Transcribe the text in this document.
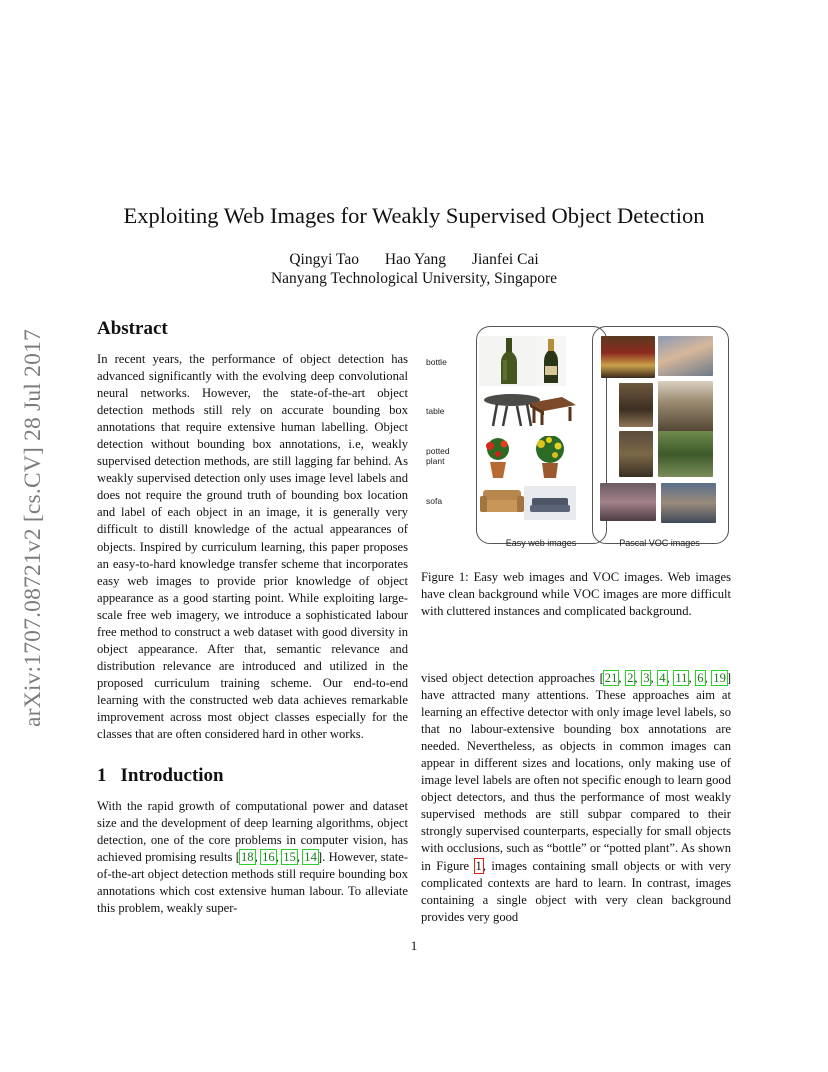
arXiv:1707.08721v2 [cs.CV] 28 Jul 2017
Exploiting Web Images for Weakly Supervised Object Detection
Qingyi Tao Hao Yang Jianfei Cai
Nanyang Technological University, Singapore
Abstract

In recent years, the performance of object detection has advanced significantly with the evolving deep convolutional neural networks. However, the state-of-the-art object detection methods still rely on accurate bounding box annotations that require extensive human labelling. Object detection without bounding box annotations, i.e, weakly supervised detection methods, are still lagging far behind. As weakly supervised detection only uses image level labels and does not require the ground truth of bounding box location and label of each object in an image, it is generally very difficult to distill knowledge of the actual appearances of objects. Inspired by curriculum learning, this paper proposes an easy-to-hard knowledge transfer scheme that incorporates easy web images to provide prior knowledge of object appearance as a good starting point. While exploiting large-scale free web imagery, we introduce a sophisticated labour free method to construct a web dataset with good diversity in object appearance. After that, semantic relevance and distribution relevance are introduced and utilized in the proposed curriculum training scheme. Our end-to-end learning with the constructed web data achieves remarkable improvement across most object classes especially for the classes that are often considered hard in other works.

1 Introduction

With the rapid growth of computational power and dataset size and the development of deep learning algorithms, object detection, one of the core problems in computer vision, has achieved promising results [18, 16, 15, 14]. However, state-of-the-art object detection methods still require bounding box annotations which cost extensive human labour. To alleviate this problem, weakly super-

vised object detection approaches [21, 2, 3, 4, 11, 6, 19] have attracted many attentions. These approaches aim at learning an effective detector with only image level labels, so that no labour-extensive bounding box annotations are needed. Nevertheless, as objects in common images can appear in different sizes and locations, only making use of image level labels are often not specific enough to learn good object detectors, and thus the performance of most weakly supervised methods are still subpar compared to their strongly supervised counterparts, especially for small objects with occlusions, such as “bottle” or “potted plant”. As shown in Figure 1, images containing small objects or with very complicated contexts are hard to learn. In contrast, images containing a single object with very clean background provides very good

bottle
table
potted
plant
sofa
Easy web images	Pascal VOC images

Figure 1: Easy web images and VOC images. Web images have clean background while VOC images are more difficult with cluttered instances and complicated background.

1
